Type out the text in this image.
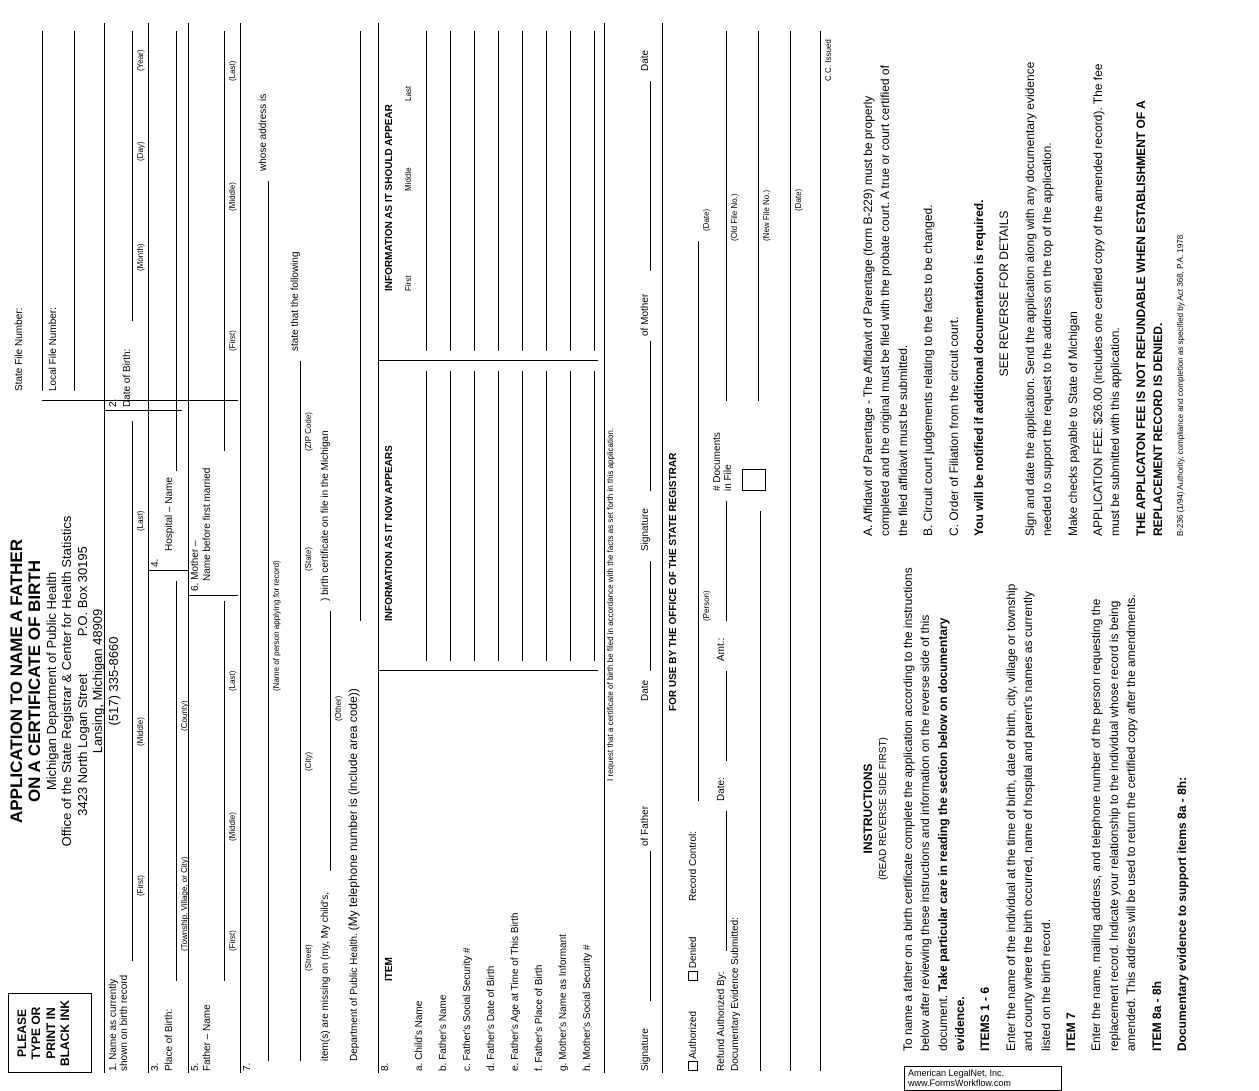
PLEASE TYPE OR PRINT IN BLACK INK
APPLICATION TO NAME A FATHER
ON A CERTIFICATE OF BIRTH Michigan Department of Public Health Office of the State Registrar & Center for Health Statistics 3423 North Logan Street  P.O. Box 30195
Lansing, Michigan 48909 (517) 335-8660
State File Number: Local File Number:
1. Name as currently shown on birth record
(First)
(Middle)
(Last)
2. Date of Birth:
(Month)
(Day)
(Year)
3. Place of Birth:
(Township, Village, or City)
(County)
4.
Hospital – Name
5. Father – Name
(First)
(Middle)
(Last)
6. Mother – Name before first married
(First)
(Middle)
(Last)
7.
(Name of person applying for record)
whose address is
(Street)
(City)
(State)
(ZIP Code)
state that the following
item(s) are missing on (my, My child's,
(Other)
) birth certificate on file in the Michigan
Department of Public Health. (My telephone number is (include area code))
8.
ITEM
INFORMATION AS IT NOW APPEARS
INFORMATION AS IT SHOULD APPEAR First
Middle
Last
a. Child's Name b. Father's Name c. Father's Social Security # d. Father's Date of Birth e. Father's Age at Time of This Birth f. Father's Place of Birth g. Mother's Name as Informant h. Mother's Social Security #
I request that a certificate of birth be filed in accordance with the facts as set forth in this application.
Signature
of Father
Date
Signature
of Mother
Date
FOR USE BY THE OFFICE OF THE STATE REGISTRAR
Authorized
Denied
Record Control:
(Person)
(Date)
Refund Authorized By:
Date:
Amt.:
# Documents in File
(Old File No.)
Documentary Evidence Submitted:
(New File No.)	(Date)
C.C. Issued
INSTRUCTIONS (READ REVERSE SIDE FIRST) To name a father on a birth certificate complete the application according to the instructions below after reviewing these instructions and information on the reverse side of this document. Take particular care in reading the section below on documentary evidence. ITEMS 1 - 6 Enter the name of the individual at the time of birth, date of birth, city, village or township and county where the birth occurred, name of hospital and parent's names as currently listed on the birth record. ITEM 7 Enter the name, mailing address, and telephone number of the person requesting the replacement record. Indicate your relationship to the individual whose record is being amended. This address will be used to return the certified copy after the amendments. ITEM 8a - 8h Documentary evidence to support items 8a - 8h:

A. Affidavit of Parentage - The Affidavit of Parentage (form B-229) must be properly completed and the original must be filed with the probate court. A true or court certified of the filed affidavit must be submitted. B. Circuit court judgements relating to the facts to be changed. C. Order of Filiation from the circuit court. You will be notified if additional documentation is required. SEE REVERSE FOR DETAILS Sign and date the application. Send the application along with any documentary evidence needed to support the request to the address on the top of the application. Make checks payable to State of Michigan APPLICATION FEE: $26.00 (includes one certified copy of the amended record). The fee must be submitted with this application. THE APPLICATON FEE IS NOT REFUNDABLE WHEN ESTABLISHMENT OF A REPLACEMENT RECORD IS DENIED. B-236 (1/94) Authority, compliance and completion as specified by Act 368, P.A. 1978

American LegalNet, Inc.
www.FormsWorkflow.com
